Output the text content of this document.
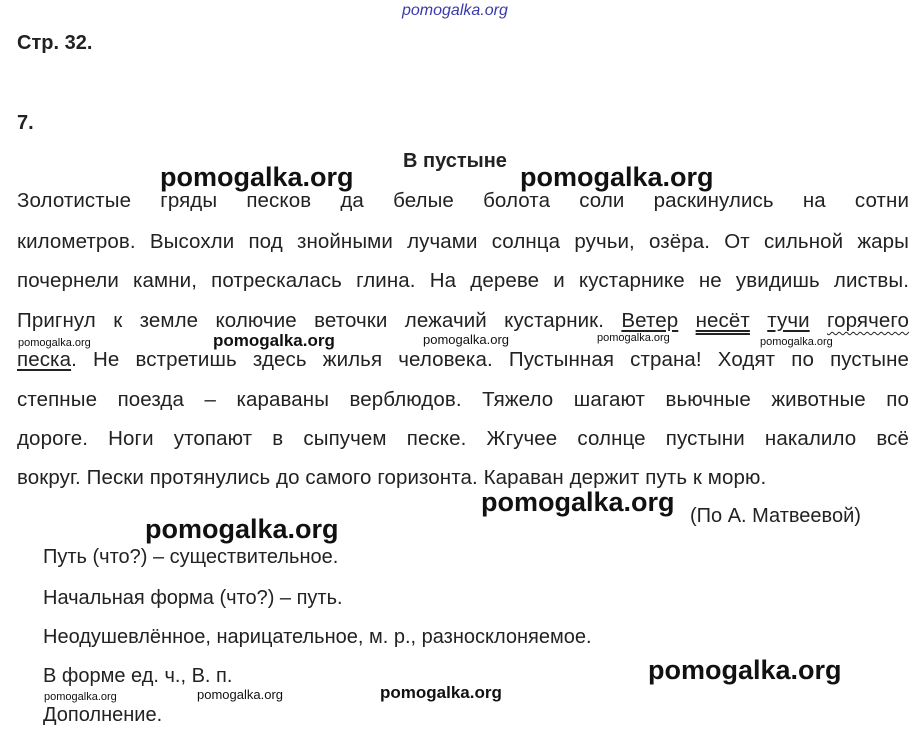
pomogalka.org
Стр. 32.
7.
В пустыне
pomogalka.org	pomogalka.org
Золотистые гряды песков да белые болота соли раскинулись на сотни
километров. Высохли под знойными лучами солнца ручьи, озёра. От сильной жары
почернели камни, потрескалась глина. На дереве и кустарнике не увидишь листвы.
Пригнул к земле колючие веточки лежачий кустарник. Ветер несёт тучи горячего
песка. Не встретишь здесь жилья человека. Пустынная страна! Ходят по пустыне
степные поезда – караваны верблюдов. Тяжело шагают вьючные животные по
дороге. Ноги утопают в сыпучем песке. Жгучее солнце пустыни накалило всё
вокруг. Пески протянулись до самого горизонта. Караван держит путь к морю.
pomogalka.org	pomogalka.org	pomogalka.org	pomogalka.org	pomogalka.org
pomogalka.org (По А. Матвеевой)
pomogalka.org
Путь (что?) – существительное.
Начальная форма (что?) – путь.
Неодушевлённое, нарицательное, м. р., разносклоняемое.
pomogalka.org
В форме ед. ч., В. п.
pomogalka.org	pomogalka.org	pomogalka.org
Дополнение.
